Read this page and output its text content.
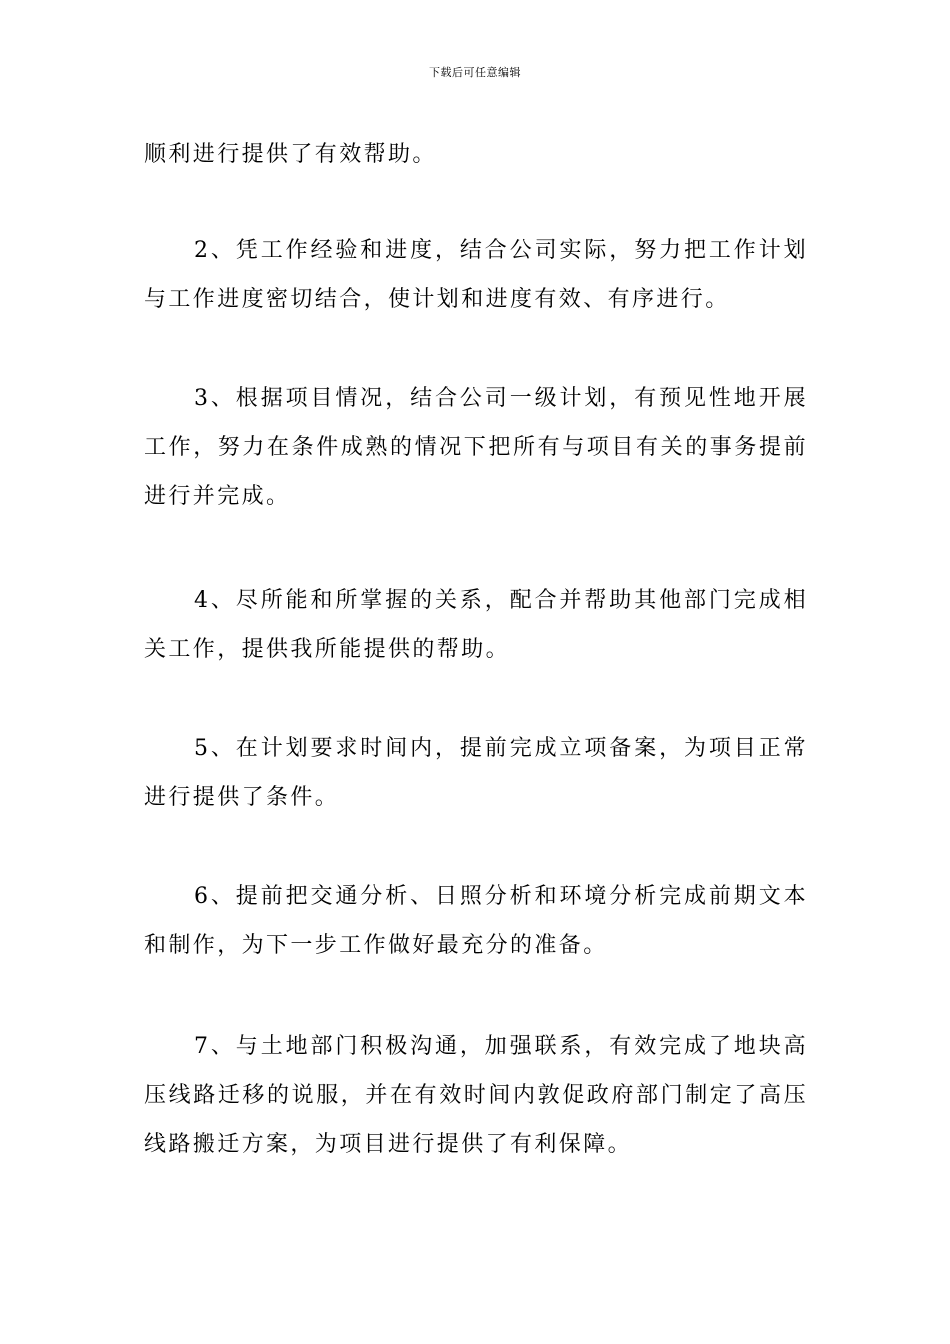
下载后可任意编辑

顺利进行提供了有效帮助。

2、凭工作经验和进度，结合公司实际，努力把工作计划与工作进度密切结合，使计划和进度有效、有序进行。

3、根据项目情况，结合公司一级计划，有预见性地开展工作，努力在条件成熟的情况下把所有与项目有关的事务提前进行并完成。

4、尽所能和所掌握的关系，配合并帮助其他部门完成相关工作，提供我所能提供的帮助。

5、在计划要求时间内，提前完成立项备案，为项目正常进行提供了条件。

6、提前把交通分析、日照分析和环境分析完成前期文本和制作，为下一步工作做好最充分的准备。

7、与土地部门积极沟通，加强联系，有效完成了地块高压线路迁移的说服，并在有效时间内敦促政府部门制定了高压线路搬迁方案，为项目进行提供了有利保障。
